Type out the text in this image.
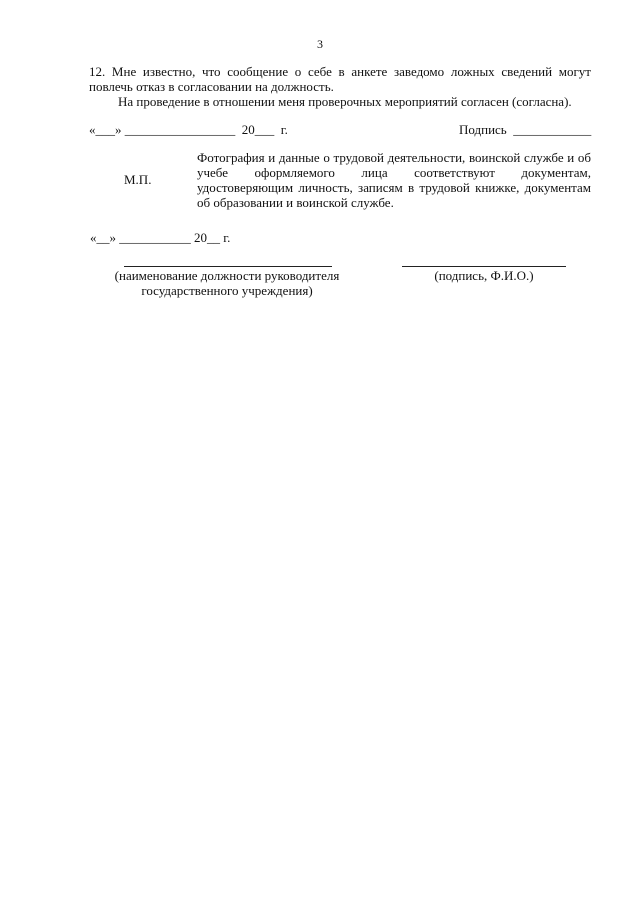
3
12. Мне известно, что сообщение о себе в анкете заведомо ложных сведений могут
повлечь отказ в согласовании на должность.
На проведение в отношении меня проверочных мероприятий согласен (согласна).
«___» _________________  20___  г.	Подпись  ____________
М.П.
Фотография и данные о трудовой деятельности, воинской службе и об учебе оформляемого лица соответствуют документам, удостоверяющим личность, записям в трудовой книжке, документам об образовании и воинской службе.
«__» ___________ 20__ г.
(наименование должности руководителя государственного учреждения)
(подпись, Ф.И.О.)
